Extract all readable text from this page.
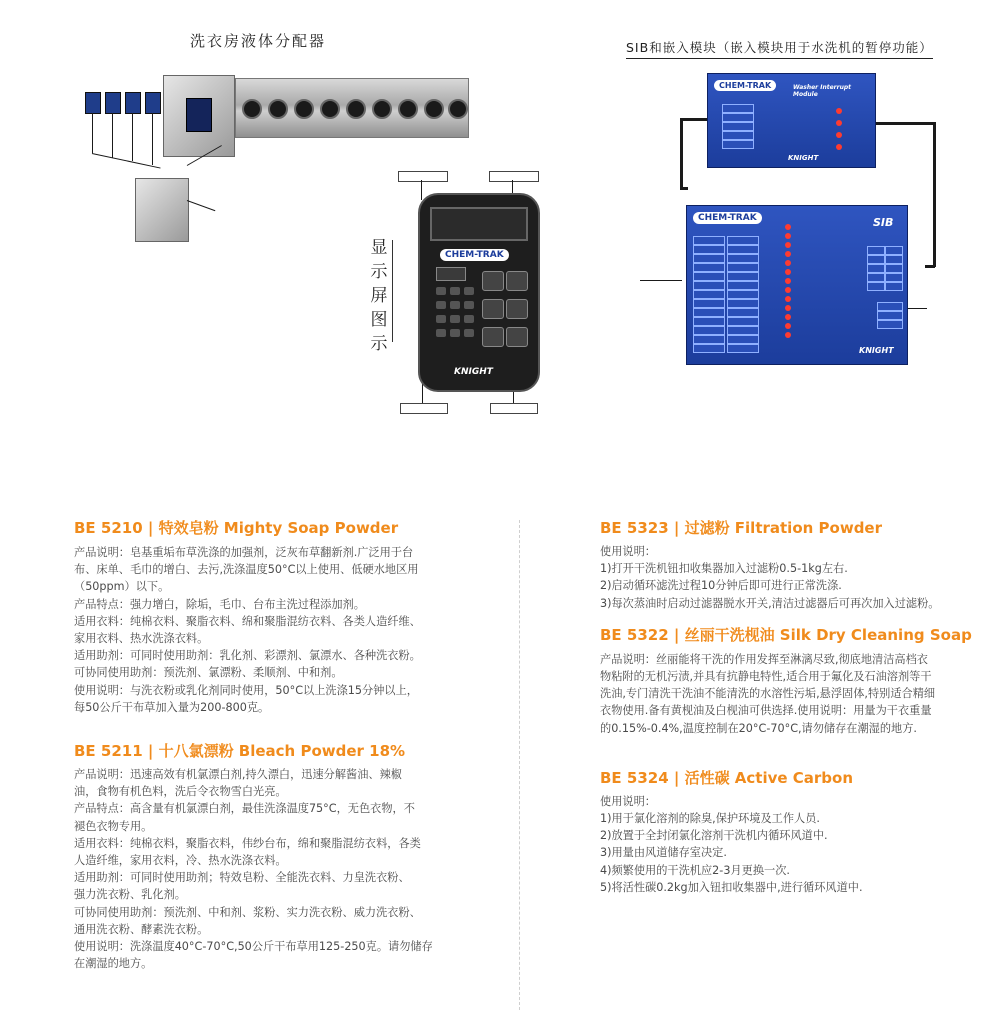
洗衣房液体分配器
CHEM-TRAK
KNIGHT
显
示
屏
图
示
SIB和嵌入模块（嵌入模块用于水洗机的暂停功能）
CHEM-TRAK	Washer Interrupt Module
KNIGHT
CHEM-TRAK	SIB
KNIGHT
BE 5210 | 特效皂粉 Mighty Soap Powder
产品说明：皂基重垢布草洗涤的加强剂，泛灰布草翻新剂.广泛用于台
布、床单、毛巾的增白、去污,洗涤温度50°C以上使用、低硬水地区用
（50ppm）以下。
产品特点：强力增白，除垢，毛巾、台布主洗过程添加剂。
适用衣料：纯棉衣料、聚脂衣料、绵和聚脂混纺衣料、各类人造纤维、
家用衣料、热水洗涤衣料。
适用助剂：可同时使用助剂：乳化剂、彩漂剂、氯漂水、各种洗衣粉。
可协同使用助剂：预洗剂、氯漂粉、柔顺剂、中和剂。
使用说明：与洗衣粉或乳化剂同时使用，50°C以上洗涤15分钟以上，
每50公斤干布草加入量为200-800克。
BE 5211 | 十八氯漂粉 Bleach Powder 18%
产品说明：迅速高效有机氯漂白剂,持久漂白，迅速分解酱油、辣椒
油，食物有机色料，洗后令衣物雪白光亮。
产品特点：高含量有机氯漂白剂，最佳洗涤温度75°C，无色衣物，不
褪色衣物专用。
适用衣料：纯棉衣料，聚脂衣料，伟纱台布，绵和聚脂混纺衣料，各类
人造纤维，家用衣料，冷、热水洗涤衣料。
适用助剂：可同时使用助剂；特效皂粉、全能洗衣料、力皇洗衣粉、
强力洗衣粉、乳化剂。
可协同使用助剂：预洗剂、中和剂、浆粉、实力洗衣粉、威力洗衣粉、
通用洗衣粉、酵素洗衣粉。
使用说明：洗涤温度40°C-70°C,50公斤干布草用125-250克。请勿储存
在潮湿的地方。
BE 5323 | 过滤粉 Filtration Powder
使用说明：
1)打开干洗机钮扣收集器加入过滤粉0.5-1kg左右.
2)启动循环滤洗过程10分钟后即可进行正常洗涤.
3)每次蒸油时启动过滤器脱水开关,清洁过滤器后可再次加入过滤粉。
BE 5322 | 丝丽干洗枧油 Silk Dry Cleaning Soap
产品说明：丝丽能将干洗的作用发挥至淋漓尽致,彻底地清洁高档衣
物粘附的无机污渍,并具有抗静电特性,适合用于氟化及石油溶剂等干
洗油,专门清洗干洗油不能清洗的水溶性污垢,悬浮固体,特别适合精细
衣物使用.备有黄枧油及白枧油可供选择.使用说明：用量为干衣重量
的0.15%-0.4%,温度控制在20°C-70°C,请勿储存在潮湿的地方.
BE 5324 | 活性碳 Active Carbon
使用说明：
1)用于氯化溶剂的除臭,保护环境及工作人员.
2)放置于全封闭氯化溶剂干洗机内循环风道中.
3)用量由风道储存室决定.
4)频繁使用的干洗机应2-3月更换一次.
5)将活性碳0.2kg加入钮扣收集器中,进行循环风道中.
